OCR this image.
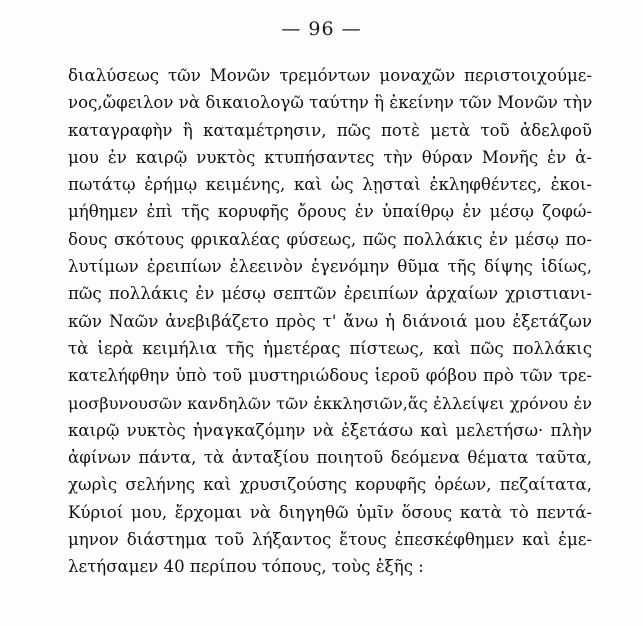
— 96 —
διαλύσεως τῶν Μονῶν τρεμόντων μοναχῶν περιστοιχούμε-
νος,ὤφειλον νὰ δικαιολογῶ ταύτην ἢ ἐκείνην τῶν Μονῶν τὴν
καταγραφὴν ἢ καταμέτρησιν, πῶς ποτὲ μετὰ τοῦ ἀδελφοῦ
μου ἐν καιρῷ νυκτὸς κτυπήσαντες τὴν θύραν Μονῆς ἐν ἀ-
πωτάτῳ ἐρήμῳ κειμένης, καὶ ὡς λῃσταὶ ἐκληφθέντες, ἐκοι-
μήθημεν ἐπὶ τῆς κορυφῆς ὄρους ἐν ὑπαίθρῳ ἐν μέσῳ ζοφώ-
δους σκότους φρικαλέας φύσεως, πῶς πολλάκις ἐν μέσῳ πο-
λυτίμων ἐρειπίων ἐλεεινὸν ἐγενόμην θῦμα τῆς δίψης ἰδίως,
πῶς πολλάκις ἐν μέσῳ σεπτῶν ἐρειπίων ἀρχαίων χριστιανι-
κῶν Ναῶν ἀνεβιβάζετο πρὸς τ' ἄνω ἡ διάνοιά μου ἐξετάζων
τὰ ἱερὰ κειμήλια τῆς ἡμετέρας πίστεως, καὶ πῶς πολλάκις
κατελήφθην ὑπὸ τοῦ μυστηριώδους ἱεροῦ φόβου πρὸ τῶν τρε-
μοσβυνουσῶν κανδηλῶν τῶν ἐκκλησιῶν,ἅς ἐλλείψει χρόνου ἐν
καιρῷ νυκτὸς ἠναγκαζόμην νὰ ἐξετάσω καὶ μελετήσω· πλὴν
ἀφίνων πάντα, τὰ ἀνταξίου ποιητοῦ δεόμενα θέματα ταῦτα,
χωρὶς σελήνης καὶ χρυσιζούσης κορυφῆς ὀρέων, πεζαίτατα,
Κύριοί μου, ἔρχομαι νὰ διηγηθῶ ὑμῖν ὅσους κατὰ τὸ πεντά-
μηνον διάστημα τοῦ λήξαντος ἔτους ἐπεσκέφθημεν καὶ ἐμε-
λετήσαμεν 40 περίπου τόπους, τοὺς ἑξῆς :
